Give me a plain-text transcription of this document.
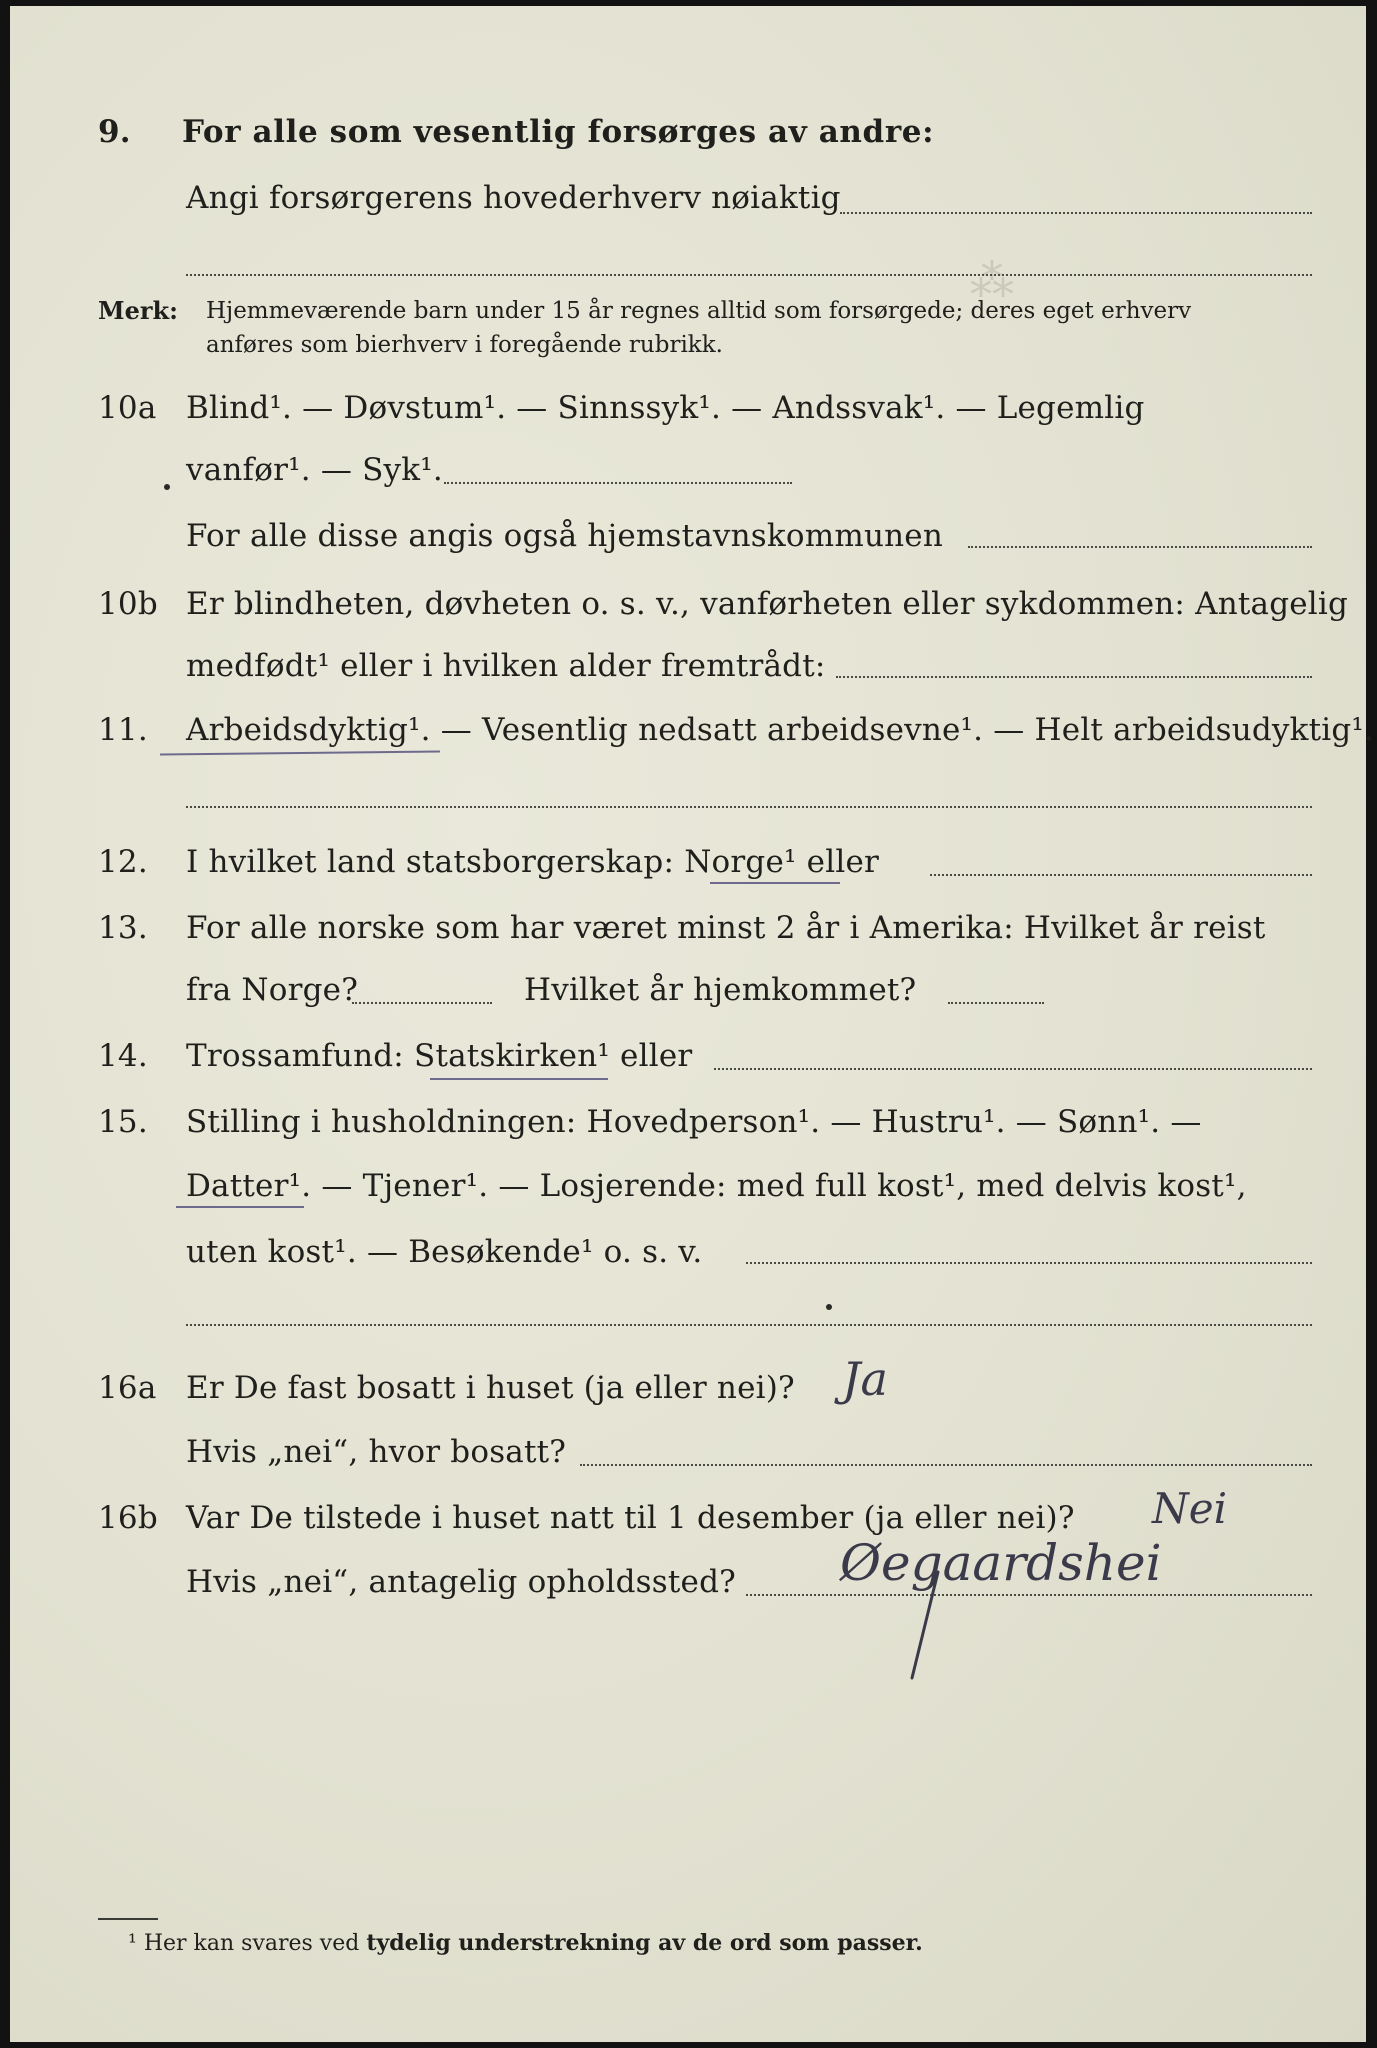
⁂
9. For alle som vesentlig forsørges av andre:
Angi forsørgerens hovederhverv nøiaktig
Merk: Hjemmeværende barn under 15 år regnes alltid som forsørgede; deres eget erhverv
anføres som bierhverv i foregående rubrikk.
10a Blind¹. — Døvstum¹. — Sinnssyk¹. — Andssvak¹. — Legemlig
vanfør¹. — Syk¹.
For alle disse angis også hjemstavnskommunen
10b Er blindheten, døvheten o. s. v., vanførheten eller sykdommen: Antagelig
medfødt¹ eller i hvilken alder fremtrådt:
11. Arbeidsdyktig¹. — Vesentlig nedsatt arbeidsevne¹. — Helt arbeidsudyktig¹.
12. I hvilket land statsborgerskap: Norge¹ eller
13. For alle norske som har været minst 2 år i Amerika: Hvilket år reist
fra Norge?	Hvilket år hjemkommet?
14. Trossamfund: Statskirken¹ eller
15. Stilling i husholdningen: Hovedperson¹. — Hustru¹. — Sønn¹. —
Datter¹. — Tjener¹. — Losjerende: med full kost¹, med delvis kost¹,
uten kost¹. — Besøkende¹ o. s. v.
16a Er De fast bosatt i huset (ja eller nei)? Ja
Hvis „nei“, hvor bosatt?
16b Var De tilstede i huset natt til 1 desember (ja eller nei)? Nei
Hvis „nei“, antagelig opholdssted? Øegaardshei
¹ Her kan svares ved tydelig understrekning av de ord som passer.
